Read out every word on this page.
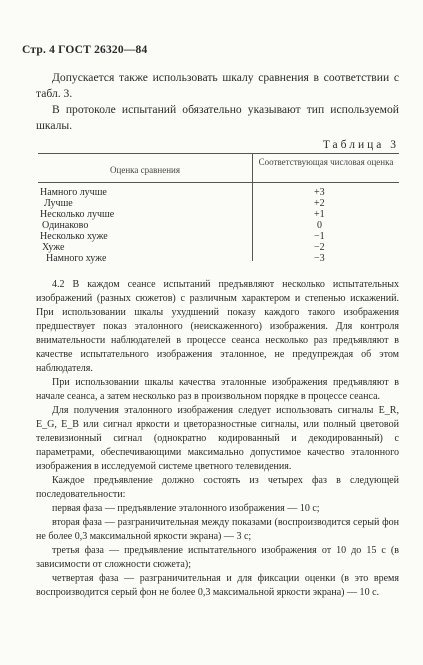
Стр. 4 ГОСТ 26320—84

Допускается также использовать шкалу сравнения в соответствии с табл. 3.

В протоколе испытаний обязательно указывают тип используемой шкалы.

Таблица 3
Оценка сравнения
Соответствующая числовая оценка
Намного лучше	+3
Лучше	+2
Несколько лучше	+1
Одинаково	0
Несколько хуже	−1
Хуже	−2
Намного хуже	−3

4.2 В каждом сеансе испытаний предъявляют несколько испытательных изображений (разных сюжетов) с различным характером и степенью искажений. При использовании шкалы ухудшений показу каждого такого изображения предшествует показ эталонного (неискаженного) изображения. Для контроля внимательности наблюдателей в процессе сеанса несколько раз предъявляют в качестве испытательного изображения эталонное, не предупреждая об этом наблюдателя.

При использовании шкалы качества эталонные изображения предъявляют в начале сеанса, а затем несколько раз в произвольном порядке в процессе сеанса.

Для получения эталонного изображения следует использовать сигналы E_R, E_G, E_B или сигнал яркости и цветоразностные сигналы, или полный цветовой телевизионный сигнал (однократно кодированный и декодированный) с параметрами, обеспечивающими максимально допустимое качество эталонного изображения в исследуемой системе цветного телевидения.

Каждое предъявление должно состоять из четырех фаз в следующей последовательности:

первая фаза — предъявление эталонного изображения — 10 с;

вторая фаза — разграничительная между показами (воспроизводится серый фон не более 0,3 максимальной яркости экрана) — 3 с;

третья фаза — предъявление испытательного изображения от 10 до 15 с (в зависимости от сложности сюжета);

четвертая фаза — разграничительная и для фиксации оценки (в это время воспроизводится серый фон не более 0,3 максимальной яркости экрана) — 10 с.
